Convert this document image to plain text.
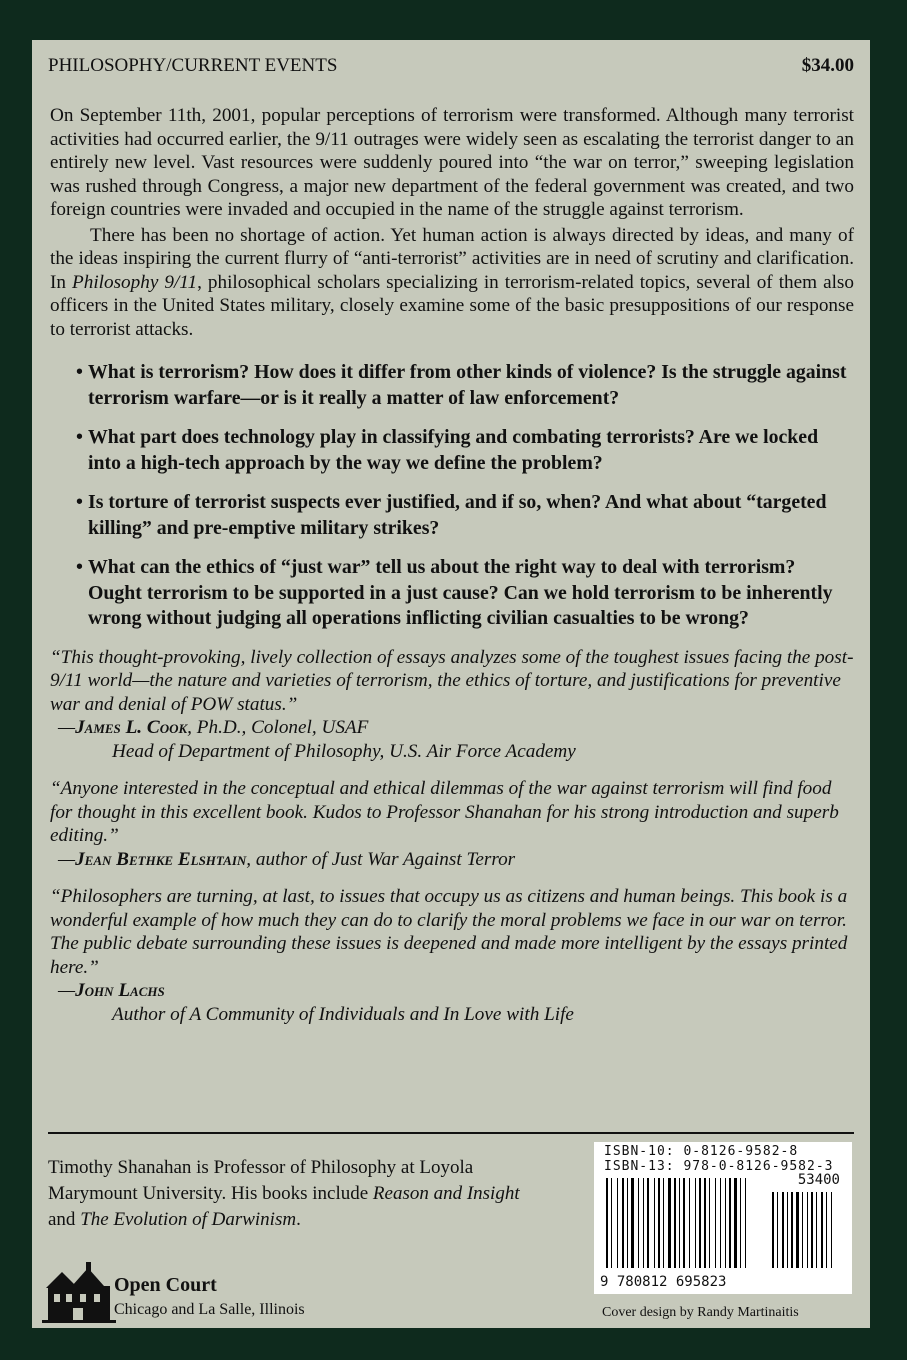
PHILOSOPHY/CURRENT EVENTS	$34.00

On September 11th, 2001, popular perceptions of terrorism were transformed. Although many terrorist activities had occurred earlier, the 9/11 outrages were widely seen as escalating the terrorist danger to an entirely new level. Vast resources were suddenly poured into “the war on terror,” sweeping legislation was rushed through Congress, a major new department of the federal government was created, and two foreign countries were invaded and occupied in the name of the struggle against terrorism.

There has been no shortage of action. Yet human action is always directed by ideas, and many of the ideas inspiring the current flurry of “anti-terrorist” activities are in need of scrutiny and clarification. In Philosophy 9/11, philosophical scholars specializing in terrorism-related topics, several of them also officers in the United States military, closely examine some of the basic presuppositions of our response to terrorist attacks.

• What is terrorism? How does it differ from other kinds of violence? Is the struggle against terrorism warfare—or is it really a matter of law enforcement?
• What part does technology play in classifying and combating terrorists? Are we locked into a high-tech approach by the way we define the problem?
• Is torture of terrorist suspects ever justified, and if so, when? And what about “targeted killing” and pre-emptive military strikes?
• What can the ethics of “just war” tell us about the right way to deal with terrorism? Ought terrorism to be supported in a just cause? Can we hold terrorism to be inherently wrong without judging all operations inflicting civilian casualties to be wrong?
“This thought-provoking, lively collection of essays analyzes some of the toughest issues facing the post-9/11 world—the nature and varieties of terrorism, the ethics of torture, and justifications for preventive war and denial of POW status.”
—James L. Cook, Ph.D., Colonel, USAF
Head of Department of Philosophy, U.S. Air Force Academy
“Anyone interested in the conceptual and ethical dilemmas of the war against terrorism will find food for thought in this excellent book. Kudos to Professor Shanahan for his strong introduction and superb editing.”
—Jean Bethke Elshtain, author of Just War Against Terror
“Philosophers are turning, at last, to issues that occupy us as citizens and human beings. This book is a wonderful example of how much they can do to clarify the moral problems we face in our war on terror. The public debate surrounding these issues is deepened and made more intelligent by the essays printed here.”
—John Lachs
Author of A Community of Individuals and In Love with Life
Timothy Shanahan is Professor of Philosophy at Loyola Marymount University. His books include Reason and Insight and The Evolution of Darwinism.
Open Court
Chicago and La Salle, Illinois
ISBN-10: 0-8126-9582-8
ISBN-13: 978-0-8126-9582-3
53400
9 780812 695823
Cover design by Randy Martinaitis
